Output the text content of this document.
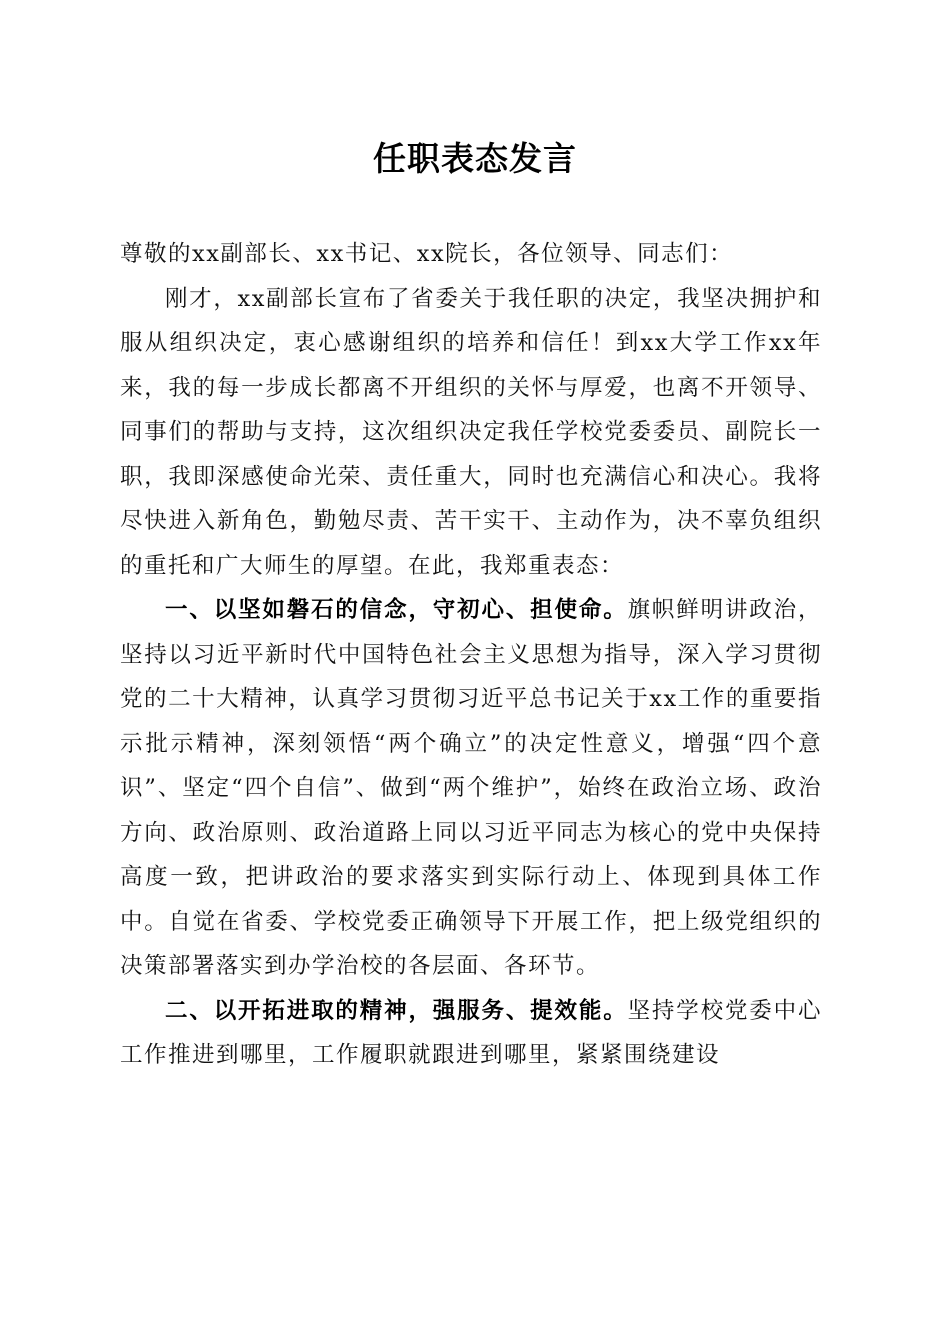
任职表态发言

尊敬的xx副部长、xx书记、xx院长，各位领导、同志们：

刚才，xx副部长宣布了省委关于我任职的决定，我坚决拥护和服从组织决定，衷心感谢组织的培养和信任！到xx大学工作xx年来，我的每一步成长都离不开组织的关怀与厚爱，也离不开领导、同事们的帮助与支持，这次组织决定我任学校党委委员、副院长一职，我即深感使命光荣、责任重大，同时也充满信心和决心。我将尽快进入新角色，勤勉尽责、苦干实干、主动作为，决不辜负组织的重托和广大师生的厚望。在此，我郑重表态：

一、以坚如磐石的信念，守初心、担使命。旗帜鲜明讲政治，坚持以习近平新时代中国特色社会主义思想为指导，深入学习贯彻党的二十大精神，认真学习贯彻习近平总书记关于xx工作的重要指示批示精神，深刻领悟“两个确立”的决定性意义，增强“四个意识”、坚定“四个自信”、做到“两个维护”，始终在政治立场、政治方向、政治原则、政治道路上同以习近平同志为核心的党中央保持高度一致，把讲政治的要求落实到实际行动上、体现到具体工作中。自觉在省委、学校党委正确领导下开展工作，把上级党组织的决策部署落实到办学治校的各层面、各环节。

二、以开拓进取的精神，强服务、提效能。坚持学校党委中心工作推进到哪里，工作履职就跟进到哪里，紧紧围绕建设
